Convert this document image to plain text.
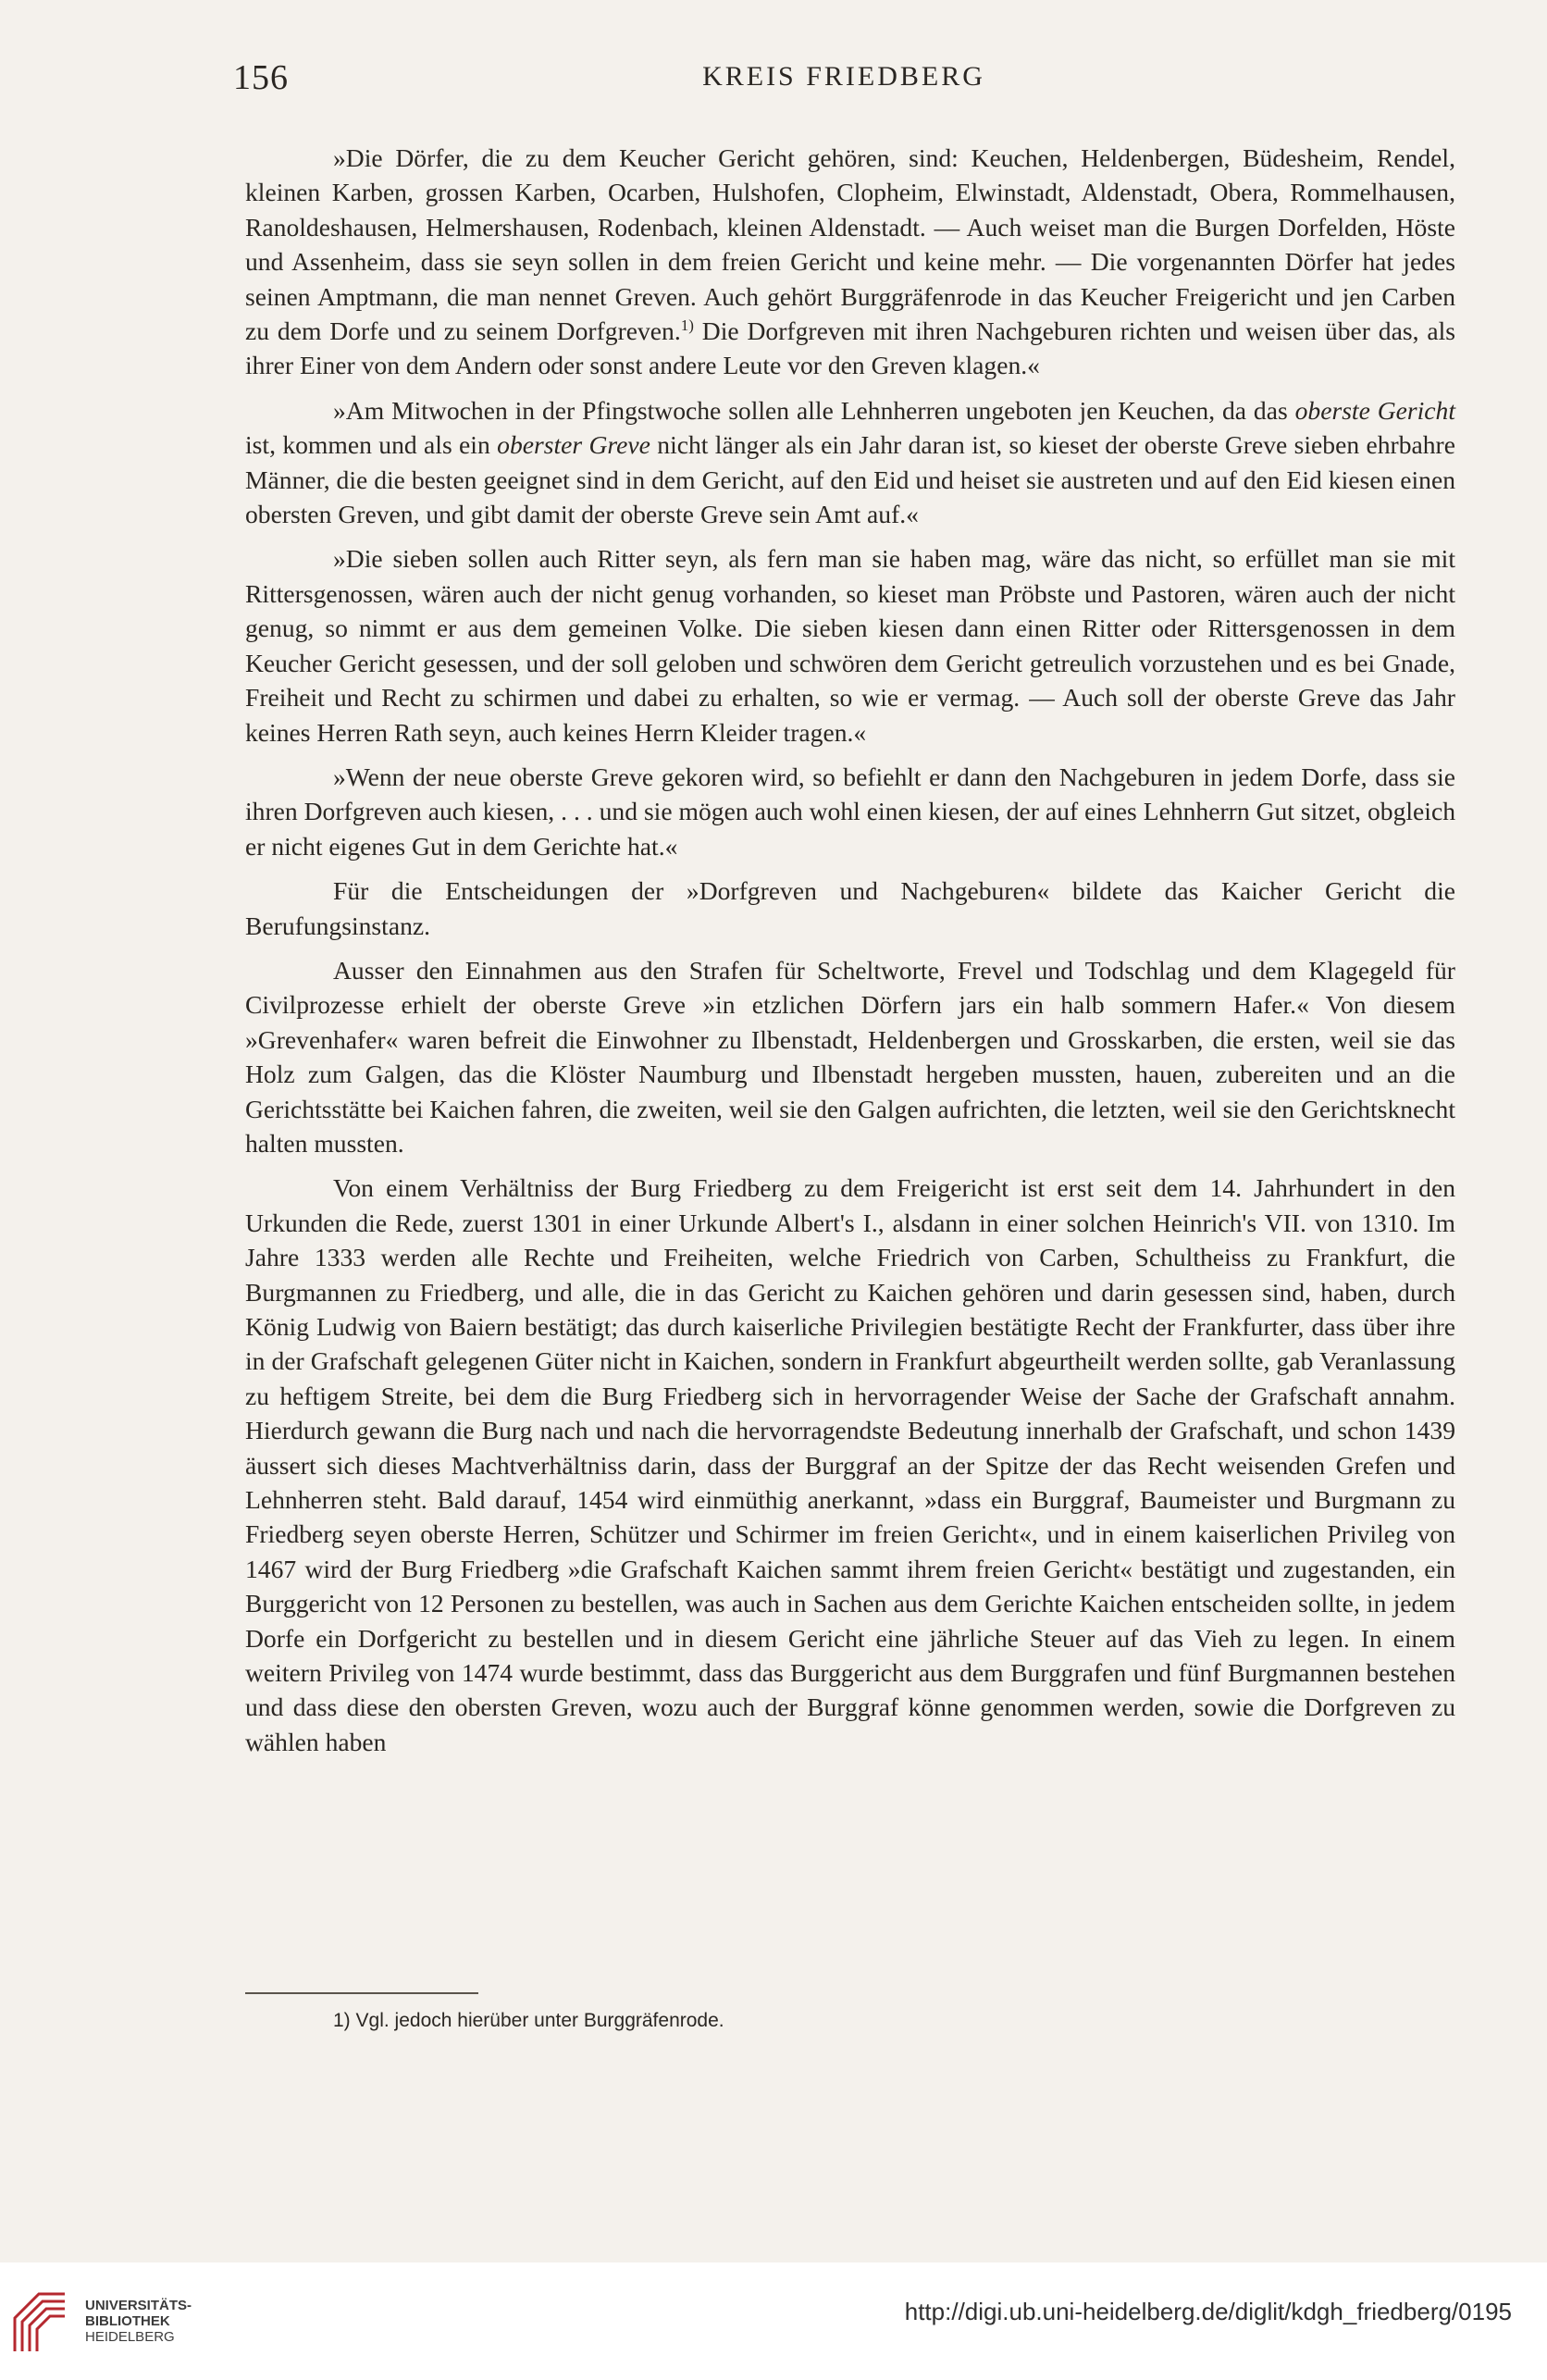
156	KREIS FRIEDBERG

»Die Dörfer, die zu dem Keucher Gericht gehören, sind: Keuchen, Heldenbergen, Büdesheim, Rendel, kleinen Karben, grossen Karben, Ocarben, Hulshofen, Clopheim, Elwinstadt, Aldenstadt, Obera, Rommelhausen, Ranoldeshausen, Helmershausen, Rodenbach, kleinen Aldenstadt. — Auch weiset man die Burgen Dorfelden, Höste und Assenheim, dass sie seyn sollen in dem freien Gericht und keine mehr. — Die vorgenannten Dörfer hat jedes seinen Amptmann, die man nennet Greven. Auch gehört Burggräfenrode in das Keucher Freigericht und jen Carben zu dem Dorfe und zu seinem Dorfgreven.$^{1)}$ Die Dorfgreven mit ihren Nachgeburen richten und weisen über das, als ihrer Einer von dem Andern oder sonst andere Leute vor den Greven klagen.«

»Am Mitwochen in der Pfingstwoche sollen alle Lehnherren ungeboten jen Keuchen, da das oberste Gericht ist, kommen und als ein oberster Greve nicht länger als ein Jahr daran ist, so kieset der oberste Greve sieben ehrbahre Männer, die die besten geeignet sind in dem Gericht, auf den Eid und heiset sie austreten und auf den Eid kiesen einen obersten Greven, und gibt damit der oberste Greve sein Amt auf.«

»Die sieben sollen auch Ritter seyn, als fern man sie haben mag, wäre das nicht, so erfüllet man sie mit Rittersgenossen, wären auch der nicht genug vorhanden, so kieset man Pröbste und Pastoren, wären auch der nicht genug, so nimmt er aus dem gemeinen Volke. Die sieben kiesen dann einen Ritter oder Rittersgenossen in dem Keucher Gericht gesessen, und der soll geloben und schwören dem Gericht getreulich vorzustehen und es bei Gnade, Freiheit und Recht zu schirmen und dabei zu erhalten, so wie er vermag. — Auch soll der oberste Greve das Jahr keines Herren Rath seyn, auch keines Herrn Kleider tragen.«

»Wenn der neue oberste Greve gekoren wird, so befiehlt er dann den Nachgeburen in jedem Dorfe, dass sie ihren Dorfgreven auch kiesen, . . . und sie mögen auch wohl einen kiesen, der auf eines Lehnherrn Gut sitzet, obgleich er nicht eigenes Gut in dem Gerichte hat.«

Für die Entscheidungen der »Dorfgreven und Nachgeburen« bildete das Kaicher Gericht die Berufungsinstanz.

Ausser den Einnahmen aus den Strafen für Scheltworte, Frevel und Todschlag und dem Klagegeld für Civilprozesse erhielt der oberste Greve »in etzlichen Dörfern jars ein halb sommern Hafer.« Von diesem »Grevenhafer« waren befreit die Einwohner zu Ilbenstadt, Heldenbergen und Grosskarben, die ersten, weil sie das Holz zum Galgen, das die Klöster Naumburg und Ilbenstadt hergeben mussten, hauen, zubereiten und an die Gerichtsstätte bei Kaichen fahren, die zweiten, weil sie den Galgen aufrichten, die letzten, weil sie den Gerichtsknecht halten mussten.

Von einem Verhältniss der Burg Friedberg zu dem Freigericht ist erst seit dem 14. Jahrhundert in den Urkunden die Rede, zuerst 1301 in einer Urkunde Albert's I., alsdann in einer solchen Heinrich's VII. von 1310. Im Jahre 1333 werden alle Rechte und Freiheiten, welche Friedrich von Carben, Schultheiss zu Frankfurt, die Burgmannen zu Friedberg, und alle, die in das Gericht zu Kaichen gehören und darin gesessen sind, haben, durch König Ludwig von Baiern bestätigt; das durch kaiserliche Privilegien bestätigte Recht der Frankfurter, dass über ihre in der Grafschaft gelegenen Güter nicht in Kaichen, sondern in Frankfurt abgeurtheilt werden sollte, gab Veranlassung zu heftigem Streite, bei dem die Burg Friedberg sich in hervorragender Weise der Sache der Grafschaft annahm. Hierdurch gewann die Burg nach und nach die hervorragendste Bedeutung innerhalb der Grafschaft, und schon 1439 äussert sich dieses Machtverhältniss darin, dass der Burggraf an der Spitze der das Recht weisenden Grefen und Lehnherren steht. Bald darauf, 1454 wird einmüthig anerkannt, »dass ein Burggraf, Baumeister und Burgmann zu Friedberg seyen oberste Herren, Schützer und Schirmer im freien Gericht«, und in einem kaiserlichen Privileg von 1467 wird der Burg Friedberg »die Grafschaft Kaichen sammt ihrem freien Gericht« bestätigt und zugestanden, ein Burggericht von 12 Personen zu bestellen, was auch in Sachen aus dem Gerichte Kaichen entscheiden sollte, in jedem Dorfe ein Dorfgericht zu bestellen und in diesem Gericht eine jährliche Steuer auf das Vieh zu legen. In einem weitern Privileg von 1474 wurde bestimmt, dass das Burggericht aus dem Burggrafen und fünf Burgmannen bestehen und dass diese den obersten Greven, wozu auch der Burggraf könne genommen werden, sowie die Dorfgreven zu wählen haben

1) Vgl. jedoch hierüber unter Burggräfenrode.
UNIVERSITÄTS-
BIBLIOTHEK
HEIDELBERG
http://digi.ub.uni-heidelberg.de/diglit/kdgh_friedberg/0195
